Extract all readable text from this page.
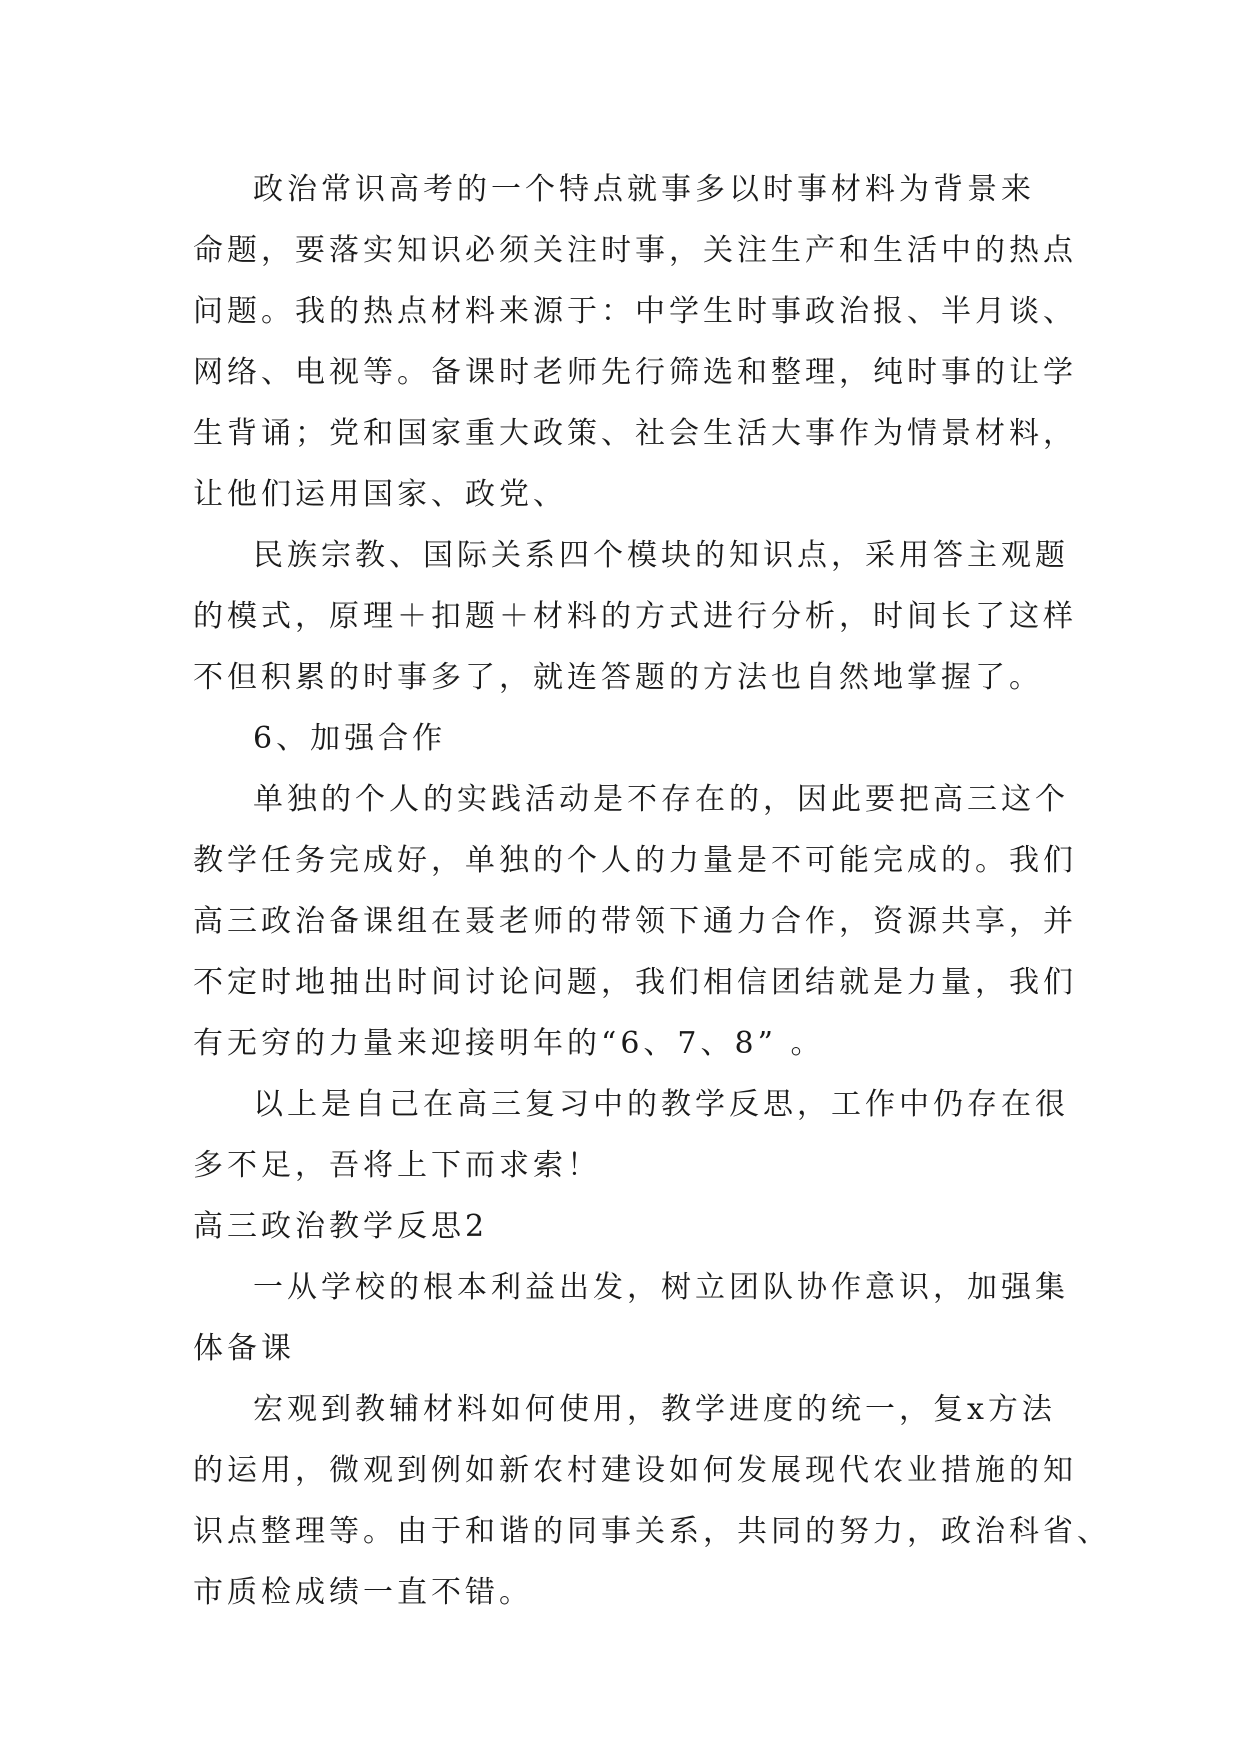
政治常识高考的一个特点就事多以时事材料为背景来
命题，要落实知识必须关注时事，关注生产和生活中的热点
问题。我的热点材料来源于：中学生时事政治报、半月谈、
网络、电视等。备课时老师先行筛选和整理，纯时事的让学
生背诵；党和国家重大政策、社会生活大事作为情景材料，
让他们运用国家、政党、
民族宗教、国际关系四个模块的知识点，采用答主观题
的模式，原理＋扣题＋材料的方式进行分析，时间长了这样
不但积累的时事多了，就连答题的方法也自然地掌握了。
6、加强合作
单独的个人的实践活动是不存在的，因此要把高三这个
教学任务完成好，单独的个人的力量是不可能完成的。我们
高三政治备课组在聂老师的带领下通力合作，资源共享，并
不定时地抽出时间讨论问题，我们相信团结就是力量，我们
有无穷的力量来迎接明年的“6、7、8” 。
以上是自己在高三复习中的教学反思，工作中仍存在很
多不足，吾将上下而求索！
高三政治教学反思2
一从学校的根本利益出发，树立团队协作意识，加强集
体备课
宏观到教辅材料如何使用，教学进度的统一，复x方法
的运用，微观到例如新农村建设如何发展现代农业措施的知
识点整理等。由于和谐的同事关系，共同的努力，政治科省、
市质检成绩一直不错。
